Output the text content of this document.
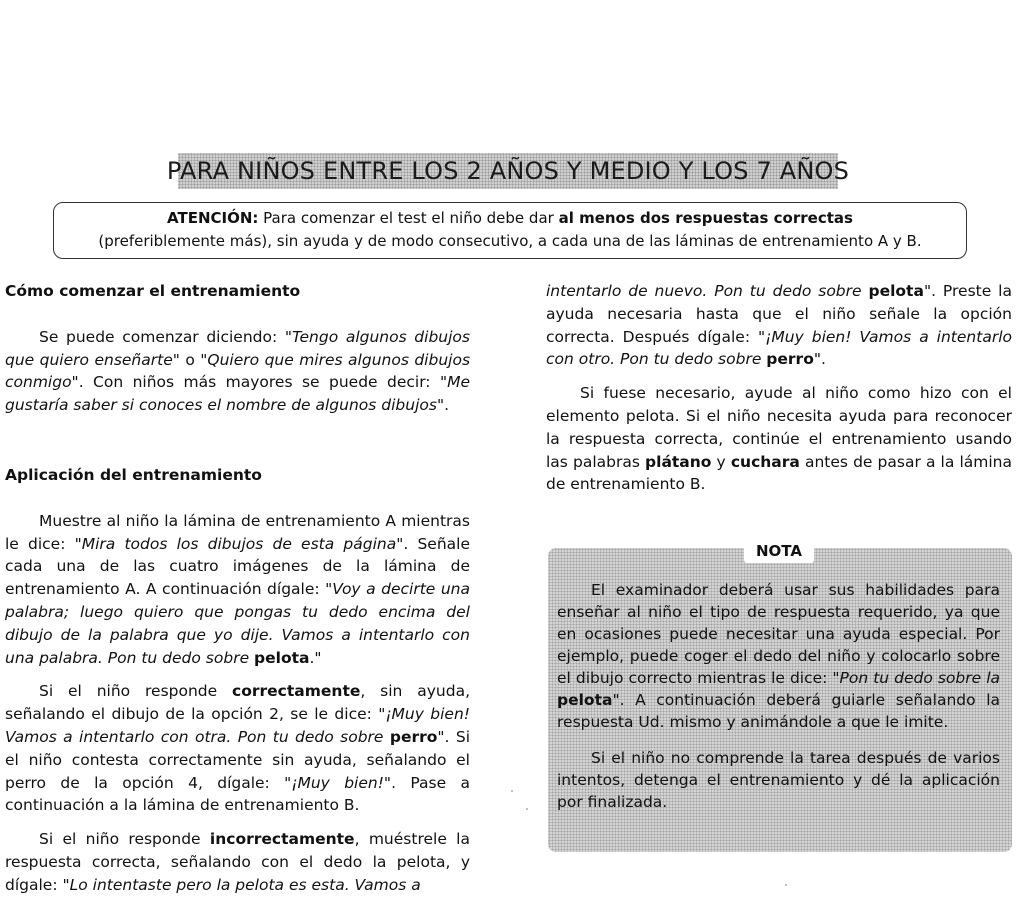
PARA NIÑOS ENTRE LOS 2 AÑOS Y MEDIO Y LOS 7 AÑOS
ATENCIÓN: Para comenzar el test el niño debe dar al menos dos respuestas correctas
(preferiblemente más), sin ayuda y de modo consecutivo, a cada una de las láminas de entrenamiento A y B.

Cómo comenzar el entrenamiento

Se puede comenzar diciendo: "Tengo algunos dibujos que quiero enseñarte" o "Quiero que mires algunos dibujos conmigo". Con niños más mayores se puede decir: "Me gustaría saber si conoces el nombre de algunos dibujos".

Aplicación del entrenamiento

Muestre al niño la lámina de entrenamiento A mientras le dice: "Mira todos los dibujos de esta página". Señale cada una de las cuatro imágenes de la lámina de entrenamiento A. A continuación dígale: "Voy a decirte una palabra; luego quiero que pongas tu dedo encima del dibujo de la palabra que yo dije. Vamos a intentarlo con una palabra. Pon tu dedo sobre pelota."

Si el niño responde correctamente, sin ayuda, señalando el dibujo de la opción 2, se le dice: "¡Muy bien! Vamos a intentarlo con otra. Pon tu dedo sobre perro". Si el niño contesta correctamente sin ayuda, señalando el perro de la opción 4, dígale: "¡Muy bien!". Pase a continuación a la lámina de entrenamiento B.

Si el niño responde incorrectamente, muéstrele la respuesta correcta, señalando con el dedo la pelota, y dígale: "Lo intentaste pero la pelota es esta. Vamos a

intentarlo de nuevo. Pon tu dedo sobre pelota". Preste la ayuda necesaria hasta que el niño señale la opción correcta. Después dígale: "¡Muy bien! Vamos a intentarlo con otro. Pon tu dedo sobre perro".

Si fuese necesario, ayude al niño como hizo con el elemento pelota. Si el niño necesita ayuda para reconocer la respuesta correcta, continúe el entrenamiento usando las palabras plátano y cuchara antes de pasar a la lámina de entrenamiento B.

NOTA

El examinador deberá usar sus habilidades para enseñar al niño el tipo de respuesta requerido, ya que en ocasiones puede necesitar una ayuda especial. Por ejemplo, puede coger el dedo del niño y colocarlo sobre el dibujo correcto mientras le dice: "Pon tu dedo sobre la pelota". A continuación deberá guiarle señalando la respuesta Ud. mismo y animándole a que le imite.

Si el niño no comprende la tarea después de varios intentos, detenga el entrenamiento y dé la aplicación por finalizada.
